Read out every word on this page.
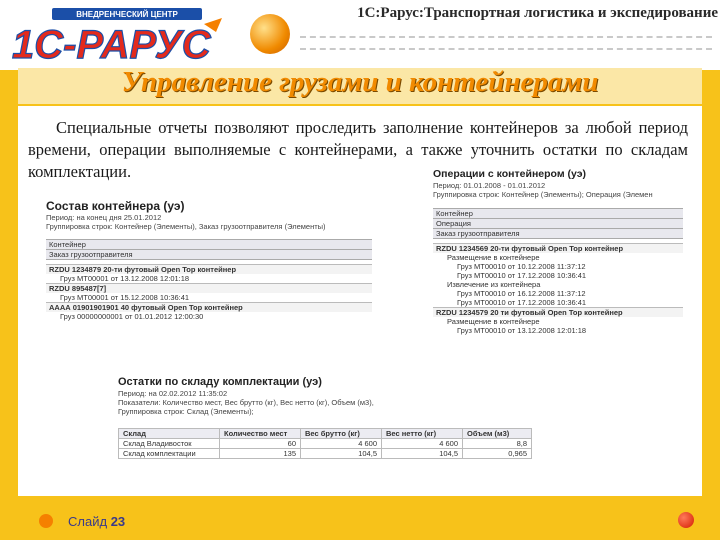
ВНЕДРЕНЧЕСКИЙ ЦЕНТР
1С-РАРУС
1С:Рарус:Транспортная логистика и экспедирование
Управление грузами и контейнерами
Специальные отчеты позволяют проследить заполнение контейнеров за любой период времени, операции выполняемые с контейнерами, а также уточнить остатки по складам комплектации.
Состав контейнера (уэ)
Период: на конец дня 25.01.2012
Группировка строк: Контейнер (Элементы), Заказ грузоотправителя (Элементы)
Контейнер
Заказ грузоотправителя
RZDU 1234879 20-ти футовый Open Top контейнер
Груз МТ00001 от 13.12.2008 12:01:18
RZDU 895487[7]
Груз МТ00001 от 15.12.2008 10:36:41
АААА 01901901901 40 футовый Open Top контейнер
Груз 00000000001 от 01.01.2012 12:00:30
Операции с контейнером (уэ)
Период: 01.01.2008 - 01.01.2012
Группировка строк: Контейнер (Элементы); Операция (Элемен
Контейнер
Операция
Заказ грузоотправителя
RZDU 1234569 20-ти футовый Open Top контейнер
Размещение в контейнере
Груз МТ00010 от 10.12.2008 11:37:12
Груз МТ00010 от 17.12.2008 10:36:41
Извлечение из контейнера
Груз МТ00010 от 16.12.2008 11:37:12
Груз МТ00010 от 17.12.2008 10:36:41
RZDU 1234579 20 ти футовый Open Top контейнер
Размещение в контейнере
Груз МТ00010 от 13.12.2008 12:01:18
Остатки по складу комплектации (уэ)
Период: на 02.02.2012 11:35:02
Показатели: Количество мест, Вес брутто (кг), Вес нетто (кг), Объем (м3),
Группировка строк: Склад (Элементы);
Склад	Количество мест	Вес брутто (кг)	Вес нетто (кг)	Объем (м3)
Склад Владивосток	60	4 600	4 600	8,8
Склад комплектации	135	104,5	104,5	0,965
Слайд 23
